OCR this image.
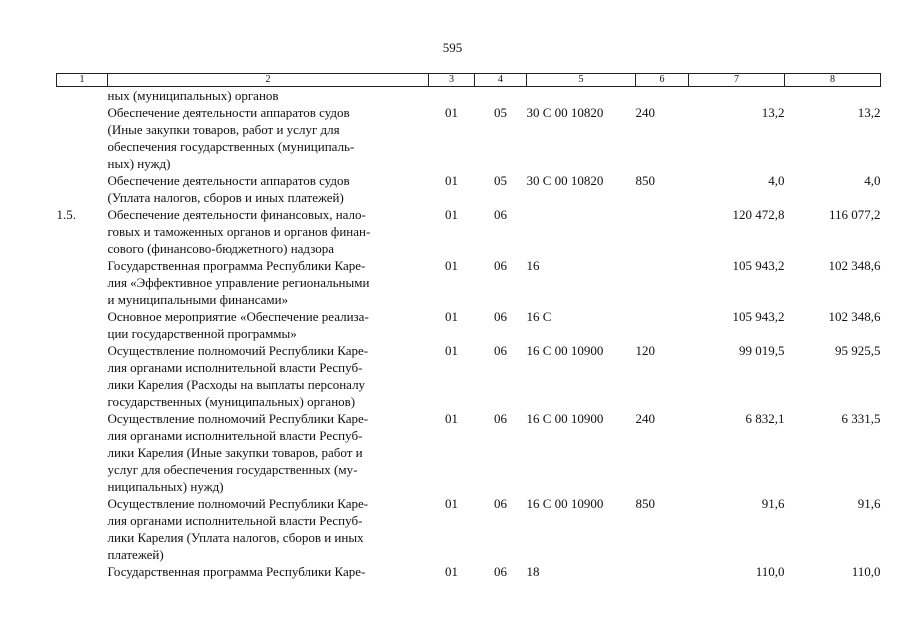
595
1	2	3	4	5	6	7	8

	ных (муниципальных) органов						

	Обеспечение деятельности аппаратов судов
(Иные закупки товаров, работ и услуг для
обеспечения государственных (муниципаль-
ных) нужд)	01	05	30 С 00 10820	240	13,2	13,2

	Обеспечение деятельности аппаратов судов
(Уплата налогов, сборов и иных платежей)	01	05	30 С 00 10820	850	4,0	4,0
1.5.	Обеспечение деятельности финансовых, нало-
говых и таможенных органов и органов финан-
сового (финансово-бюджетного) надзора	01	06			120 472,8	116 077,2

	Государственная программа Республики Каре-
лия «Эффективное управление региональными
и муниципальными финансами»	01	06	16		105 943,2	102 348,6

	Основное мероприятие «Обеспечение реализа-
ции государственной программы»	01	06	16 С		105 943,2	102 348,6

	Осуществление полномочий Республики Каре-
лия органами исполнительной власти Респуб-
лики Карелия (Расходы на выплаты персоналу
государственных (муниципальных) органов)	01	06	16 С 00 10900	120	99 019,5	95 925,5

	Осуществление полномочий Республики Каре-
лия органами исполнительной власти Респуб-
лики Карелия (Иные закупки товаров, работ и
услуг для обеспечения государственных (му-
ниципальных) нужд)	01	06	16 С 00 10900	240	6 832,1	6 331,5

	Осуществление полномочий Республики Каре-
лия органами исполнительной власти Респуб-
лики Карелия (Уплата налогов, сборов и иных
платежей)	01	06	16 С 00 10900	850	91,6	91,6

	Государственная программа Республики Каре-	01	06	18		110,0	110,0
